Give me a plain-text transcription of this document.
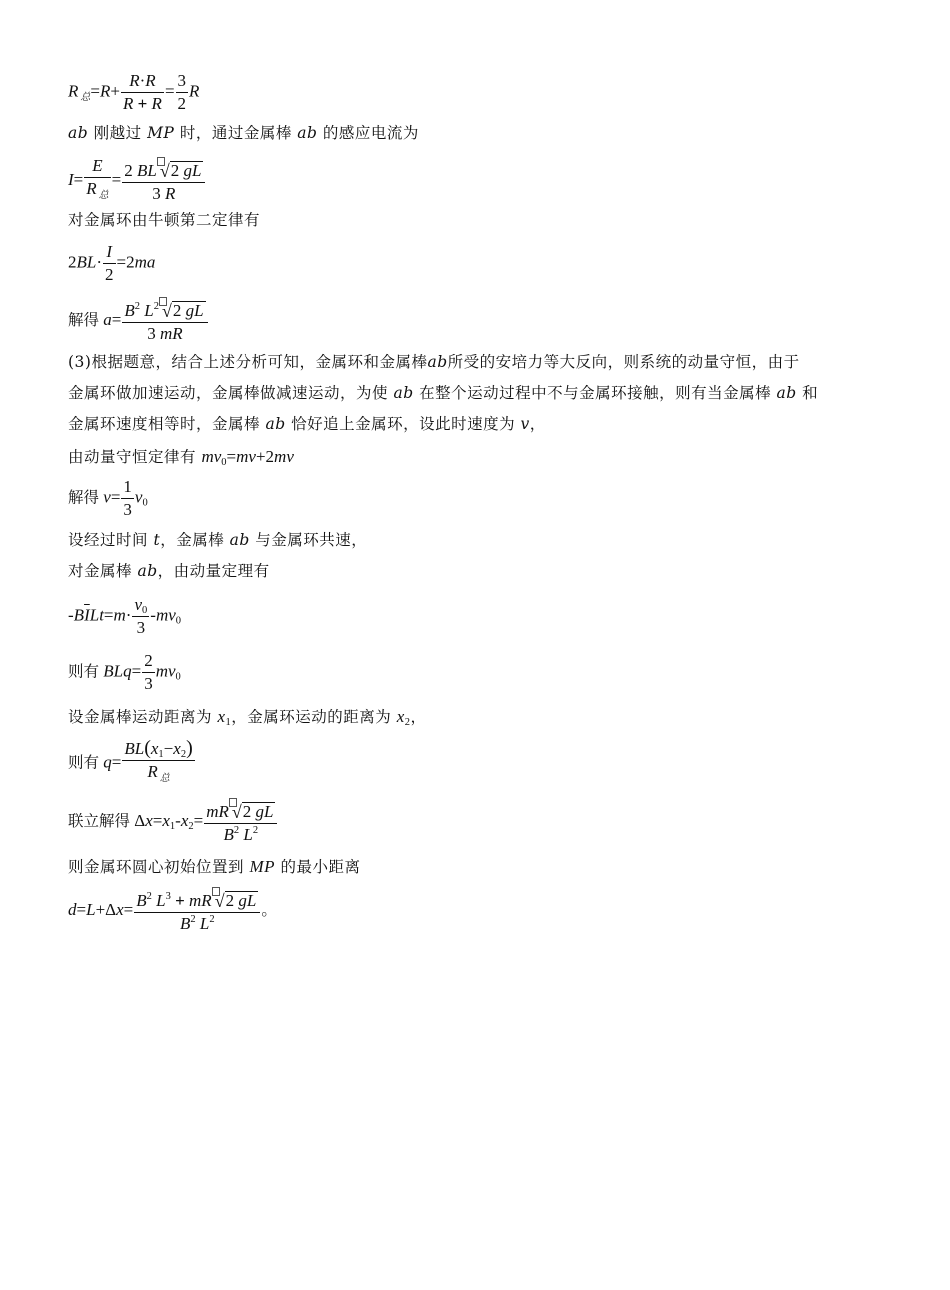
R $_总=R+ \frac{R\cdot R}{R + R} = \frac{3}{2}$ R
ab 刚越过 MP 时，通过金属棒 ab 的感应电流为
$I= \frac{E}{R _总} = \frac{2 BL √2 gL}{3 R}$
对金属环由牛顿第二定律有
$2BL\cdot \frac{I}{2} =2ma$
解得 $a= \frac{B^2 L^2 √2 gL}{3 mR}$
(3)根据题意，结合上述分析可知，金属环和金属棒ab所受的安培力等大反向，则系统的动量守恒，由于
金属环做加速运动，金属棒做减速运动，为使 ab 在整个运动过程中不与金属环接触，则有当金属棒 ab 和
金属环速度相等时，金属棒 ab 恰好追上金属环，设此时速度为 v，
由动量守恒定律有 $mv_0=mv+2mv$
解得 $v= \frac{1}{3} v_0$
设经过时间 t，金属棒 ab 与金属环共速，
对金属棒 ab，由动量定理有
$-B\overline{I}Lt=m\cdot \frac{v_0}{3} -mv_0$
则有 $BLq= \frac{2}{3} mv_0$
设金属棒运动距离为 $x_1$，金属环运动的距离为 $x_2$，
则有 $q= \frac{BL(x_1-x_2)}{R _总}$
联立解得 $\Delta x=x_1-x_2= \frac{mR √2 gL}{B^2 L^2}$
则金属环圆心初始位置到 MP 的最小距离
$d=L+\Delta x= \frac{B^2 L^3 + mR √2 gL}{B^2 L^2}$ 。
